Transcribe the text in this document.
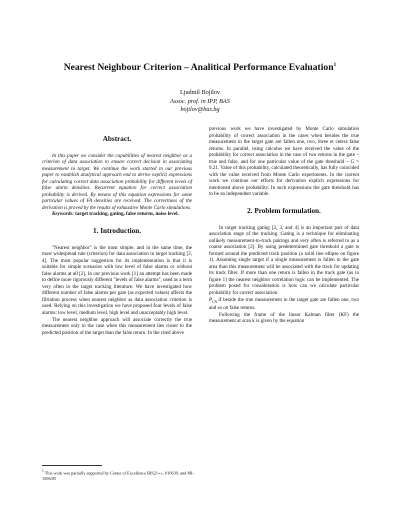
Nearest Neighbour Criterion – Analitical Performance Evaluation$^1$
Ljudmil Bojilov
Assoc. prof. in IPP, BAS
bojilov@bas.bg

Abstract.

In this paper we consider the capabilities of nearest neighbor as a criterion of data association to ensure correct decision in associating measurement to target. We continue the work started in our previous paper to establish analytical approach end to derive explicit expressions for calculating correct data association probability for different levels of false alarm densities. Recurrent equation for correct association probability is derived. By means of this equation expressions for some particular values of FA densities are received. The correctness of the derivation is proved by the results of exhaustive Monte Carlo simulations.

Keywords: target tracking, gating, false returns, noise level.

1. Introduction.

"Nearest neighbor" is the most simple, and in the same time, the most widespread rule (criterion) for data association in target tracking [2, 4]. The most popular suggestion for its implementation is that it is suitable for simple scenarios with low level of false alarms or without false alarms at all [2]. In our previous work [1] an attempt has been made to define more rigorously different "levels of false alarms", used as a term very often in the target tracking literature. We have investigated how different number of false alarms per gate (as expected values) affects the filtration process when nearest neighbor as data association criterion is used. Relying on this investigation we have proposed four levels of false alarms: low level, medium level, high level and unacceptably high level.

The nearest neighbor approach will associate correctly the true measurement only in the case when this measurement lies closer to the predicted position of the target than the false return. In the cited above

previous work we have investigated by Monte Carlo simulation probability of correct association in the cases when besides the true measurement in the target gate are fallen one, two, three et cetera false returns. In parallel, using calculus we have received the value of the probability for correct association in the case of two returns in the gate – true and false, and for one particular value of the gate threshold – G = 9.21. Value of this probability, calculated theoretically, has fully coincided with the value received from Monte Carlo experiments. In the current work we continue our efforts for derivation explicit expressions for mentioned above probability. In such expressions the gate threshold has to be an independent variable.

2. Problem formulation.

In target tracking gating [2, 3, and 4] is an important part of data association stage of the tracking. Gating is a technique for eliminating unlikely measurement-to-track pairings and very often is referred to as a coarse association [2]. By using predetermined gate threshold a gate is formed around the predicted track position (a solid line ellipse on figure 1). Assuming single target if a single measurement is fallen in the gate area than this measurement will be associated with the track for updating its track filter. If more than one return is fallen in the track gate (as in figure 1) the nearest neighbor correlation logic can be implemented. The problem posed for consideration is how can we calculate particular probability for correct association

$P_{CA}$ if beside the true measurement in the target gate are fallen one, two and so on false returns.

Following the frame of the linear Kalman filter (KF) the measurement at scan k is given by the equation

$^1$ This work was partially supported by Center of Excellence BIS21++, 016639, and MI-1506/05
